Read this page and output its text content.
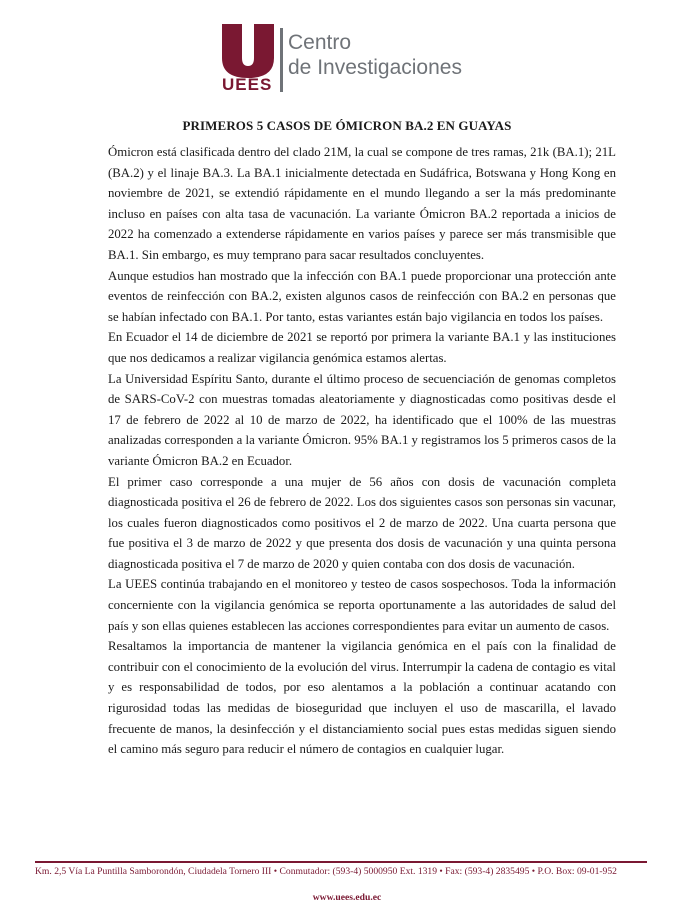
UEES
Centro
de Investigaciones
PRIMEROS 5 CASOS DE ÓMICRON BA.2 EN GUAYAS

Ómicron está clasificada dentro del clado 21M, la cual se compone de tres ramas, 21k (BA.1); 21L (BA.2) y el linaje BA.3. La BA.1 inicialmente detectada en Sudáfrica, Botswana y Hong Kong en noviembre de 2021, se extendió rápidamente en el mundo llegando a ser la más predominante incluso en países con alta tasa de vacunación. La variante Ómicron BA.2 reportada a inicios de 2022 ha comenzado a extenderse rápidamente en varios países y parece ser más transmisible que BA.1. Sin embargo, es muy temprano para sacar resultados concluyentes.

Aunque estudios han mostrado que la infección con BA.1 puede proporcionar una protección ante eventos de reinfección con BA.2, existen algunos casos de reinfección con BA.2 en personas que se habían infectado con BA.1. Por tanto, estas variantes están bajo vigilancia en todos los países.

En Ecuador el 14 de diciembre de 2021 se reportó por primera la variante BA.1 y las instituciones que nos dedicamos a realizar vigilancia genómica estamos alertas.

La Universidad Espíritu Santo, durante el último proceso de secuenciación de genomas completos de SARS-CoV-2 con muestras tomadas aleatoriamente y diagnosticadas como positivas desde el 17 de febrero de 2022 al 10 de marzo de 2022, ha identificado que el 100% de las muestras analizadas corresponden a la variante Ómicron. 95% BA.1 y registramos los 5 primeros casos de la variante Ómicron BA.2 en Ecuador.

El primer caso corresponde a una mujer de 56 años con dosis de vacunación completa diagnosticada positiva el 26 de febrero de 2022. Los dos siguientes casos son personas sin vacunar, los cuales fueron diagnosticados como positivos el 2 de marzo de 2022. Una cuarta persona que fue positiva el 3 de marzo de 2022 y que presenta dos dosis de vacunación y una quinta persona diagnosticada positiva el 7 de marzo de 2020 y quien contaba con dos dosis de vacunación.

La UEES continúa trabajando en el monitoreo y testeo de casos sospechosos. Toda la información concerniente con la vigilancia genómica se reporta oportunamente a las autoridades de salud del país y son ellas quienes establecen las acciones correspondientes para evitar un aumento de casos.

Resaltamos la importancia de mantener la vigilancia genómica en el país con la finalidad de contribuir con el conocimiento de la evolución del virus. Interrumpir la cadena de contagio es vital y es responsabilidad de todos, por eso alentamos a la población a continuar acatando con rigurosidad todas las medidas de bioseguridad que incluyen el uso de mascarilla, el lavado frecuente de manos, la desinfección y el distanciamiento social pues estas medidas siguen siendo el camino más seguro para reducir el número de contagios en cualquier lugar.

Km. 2,5 Vía La Puntilla Samborondón, Ciudadela Tornero III • Conmutador: (593-4) 5000950 Ext. 1319 • Fax: (593-4) 2835495 • P.O. Box: 09-01-952
www.uees.edu.ec
